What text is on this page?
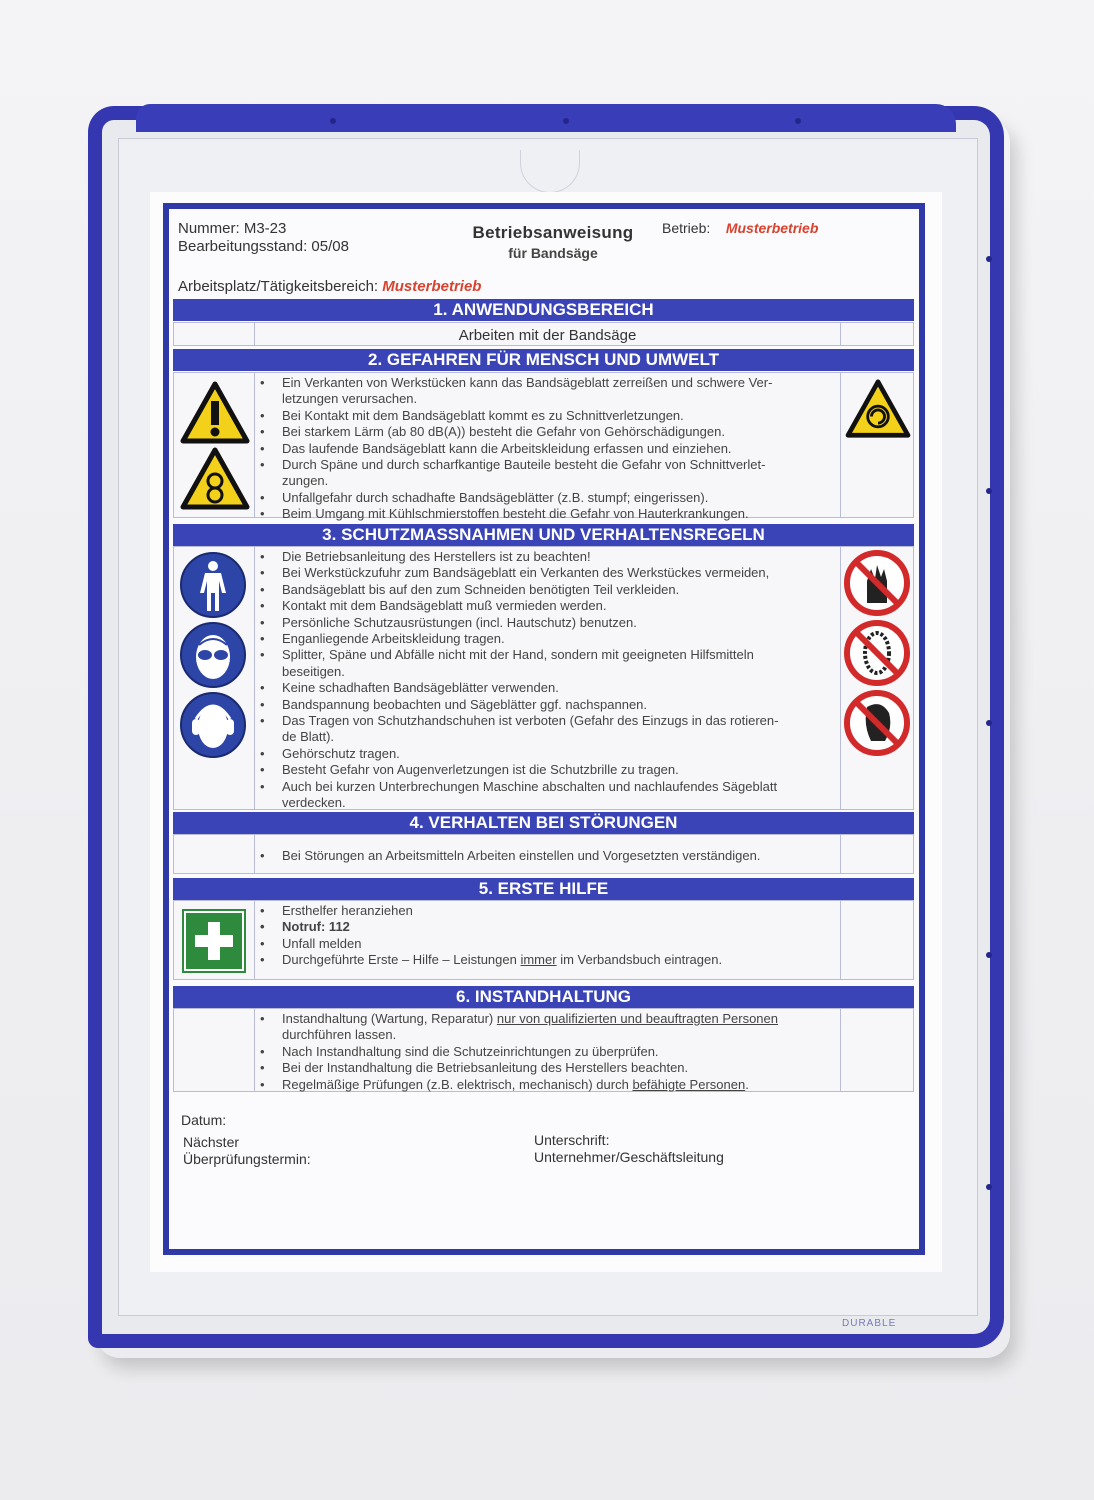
DURABLE
Nummer: M3-23
Bearbeitungsstand: 05/08
Betriebsanweisung
für Bandsäge
Betrieb: Musterbetrieb
Arbeitsplatz/Tätigkeitsbereich: Musterbetrieb
1. ANWENDUNGSBEREICH
Arbeiten mit der Bandsäge
2. GEFAHREN FÜR MENSCH UND UMWELT
• Ein Verkanten von Werkstücken kann das Bandsägeblatt zerreißen und schwere Ver-
letzungen verursachen.
• Bei Kontakt mit dem Bandsägeblatt kommt es zu Schnittverletzungen.
• Bei starkem Lärm (ab 80 dB(A)) besteht die Gefahr von Gehörschädigungen.
• Das laufende Bandsägeblatt kann die Arbeitskleidung erfassen und einziehen.
• Durch Späne und durch scharfkantige Bauteile besteht die Gefahr von Schnittverlet-
zungen.
• Unfallgefahr durch schadhafte Bandsägeblätter (z.B. stumpf; eingerissen).
• Beim Umgang mit Kühlschmierstoffen besteht die Gefahr von Hauterkrankungen.
3. SCHUTZMASSNAHMEN UND VERHALTENSREGELN
• Die Betriebsanleitung des Herstellers ist zu beachten!
• Bei Werkstückzufuhr zum Bandsägeblatt ein Verkanten des Werkstückes vermeiden,
• Bandsägeblatt bis auf den zum Schneiden benötigten Teil verkleiden.
• Kontakt mit dem Bandsägeblatt muß vermieden werden.
• Persönliche Schutzausrüstungen (incl. Hautschutz) benutzen.
• Enganliegende Arbeitskleidung tragen.
• Splitter, Späne und Abfälle nicht mit der Hand, sondern mit geeigneten Hilfsmitteln
beseitigen.
• Keine schadhaften Bandsägeblätter verwenden.
• Bandspannung beobachten und Sägeblätter ggf. nachspannen.
• Das Tragen von Schutzhandschuhen ist verboten (Gefahr des Einzugs in das rotieren-
de Blatt).
• Gehörschutz tragen.
• Besteht Gefahr von Augenverletzungen ist die Schutzbrille zu tragen.
• Auch bei kurzen Unterbrechungen Maschine abschalten und nachlaufendes Sägeblatt
verdecken.
4. VERHALTEN BEI STÖRUNGEN
• Bei Störungen an Arbeitsmitteln Arbeiten einstellen und Vorgesetzten verständigen.
5. ERSTE HILFE
• Ersthelfer heranziehen
• Notruf: 112
• Unfall melden
• Durchgeführte Erste – Hilfe – Leistungen immer im Verbandsbuch eintragen.
6. INSTANDHALTUNG
• Instandhaltung (Wartung, Reparatur) nur von qualifizierten und beauftragten Personen
durchführen lassen.
• Nach Instandhaltung sind die Schutzeinrichtungen zu überprüfen.
• Bei der Instandhaltung die Betriebsanleitung des Herstellers beachten.
• Regelmäßige Prüfungen (z.B. elektrisch, mechanisch) durch befähigte Personen.
Datum:
Nächster
Überprüfungstermin:
Unterschrift:
Unternehmer/Geschäftsleitung
